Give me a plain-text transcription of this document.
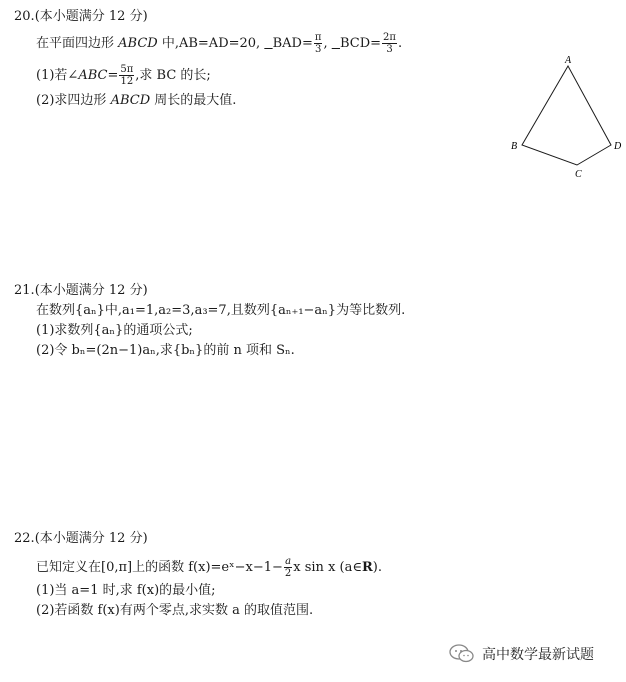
20.(本小题满分 12 分)
在平面四边形 ABCD 中,AB=AD=20, $BAD= \frac{\pi}{3}$ , $BCD= \frac{2\pi}{3}$ .
(1)若∠ABC= $\frac{5\pi}{12}$ ,求 BC 的长;
(2)求四边形 ABCD 周长的最大值.
A
B
C
D
21.(本小题满分 12 分)
在数列{aₙ}中,a₁=1,a₂=3,a₃=7,且数列{aₙ₊₁−aₙ}为等比数列.
(1)求数列{aₙ}的通项公式;
(2)令 bₙ=(2n−1)aₙ,求{bₙ}的前 n 项和 Sₙ.
22.(本小题满分 12 分)
已知定义在[0,π]上的函数 f(x)=eˣ−x−1− $\frac{a}{2}$ x sin x (a∈R).
(1)当 a=1 时,求 f(x)的最小值;
(2)若函数 f(x)有两个零点,求实数 a 的取值范围.
高中数学最新试题
